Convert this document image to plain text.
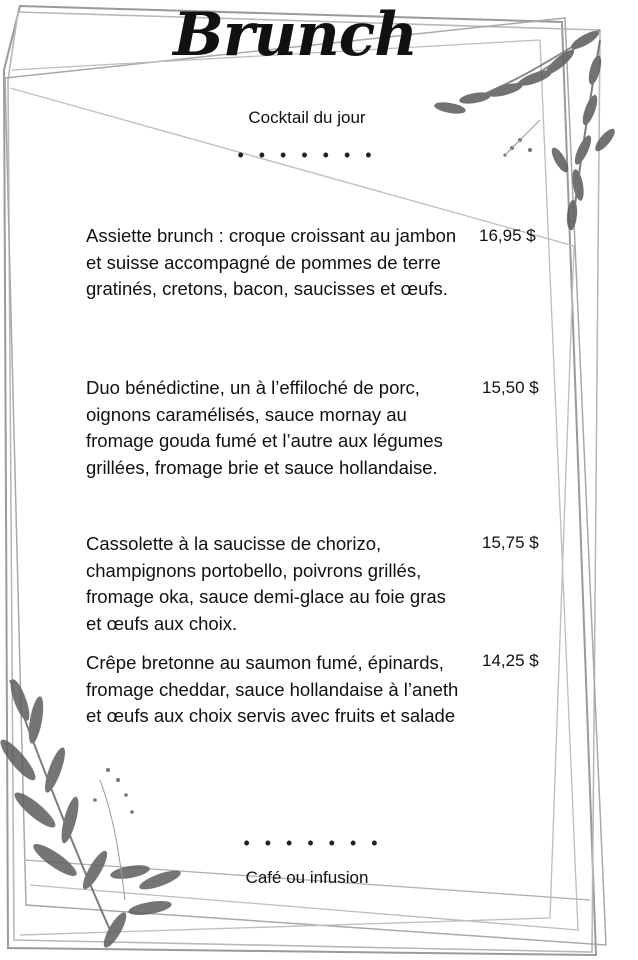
Brunch
Cocktail du jour
• • • • • • •
Assiette brunch : croque croissant au jambon et suisse accompagné de pommes de terre gratinés, cretons, bacon, saucisses et œufs.
16,95 $
Duo bénédictine, un à l’effiloché de porc, oignons caramélisés, sauce mornay au fromage gouda fumé et l’autre aux légumes grillées, fromage brie et sauce hollandaise.
15,50 $
Cassolette à la saucisse de chorizo, champignons portobello, poivrons grillés, fromage oka, sauce demi-glace au foie gras et œufs aux choix.
15,75 $
Crêpe bretonne au saumon fumé, épinards, fromage cheddar, sauce hollandaise à l’aneth et œufs aux choix servis avec fruits et salade
14,25 $
• • • • • • •
Café ou infusion
